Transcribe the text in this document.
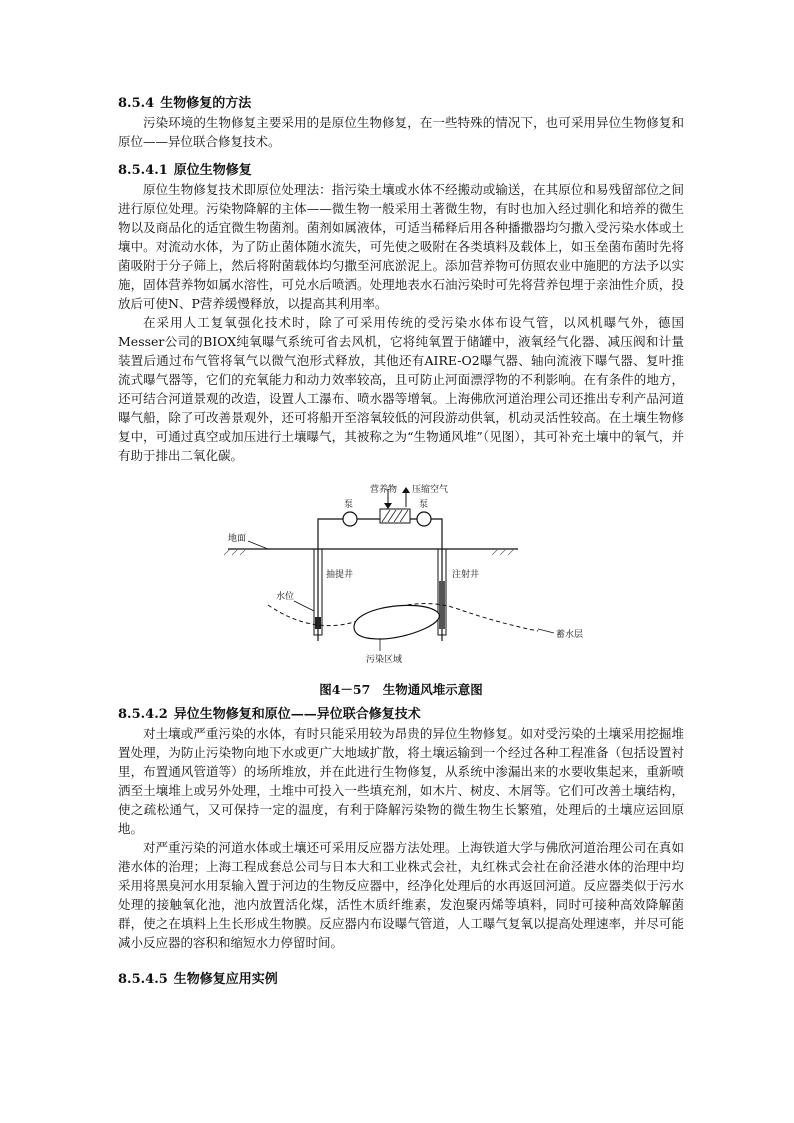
8.5.4 生物修复的方法

污染环境的生物修复主要采用的是原位生物修复，在一些特殊的情况下，也可采用异位生物修复和原位——异位联合修复技术。

8.5.4.1 原位生物修复

原位生物修复技术即原位处理法：指污染土壤或水体不经搬动或输送，在其原位和易残留部位之间进行原位处理。污染物降解的主体——微生物一般采用土著微生物，有时也加入经过驯化和培养的微生物以及商品化的适宜微生物菌剂。菌剂如属液体，可适当稀释后用各种播撒器均匀撒入受污染水体或土壤中。对流动水体，为了防止菌体随水流失，可先使之吸附在各类填料及载体上，如玉垒菌布菌时先将菌吸附于分子筛上，然后将附菌载体均匀撒至河底淤泥上。添加营养物可仿照农业中施肥的方法予以实施，固体营养物如属水溶性，可兑水后喷洒。处理地表水石油污染时可先将营养包埋于亲油性介质，投放后可使N、P营养缓慢释放，以提高其利用率。

在采用人工复氧强化技术时，除了可采用传统的受污染水体布设气管，以风机曝气外，德国Messer公司的BIOX纯氧曝气系统可省去风机，它将纯氧置于储罐中，液氧经气化器、减压阀和计量装置后通过布气管将氧气以微气泡形式释放，其他还有AIRE-O2曝气器、轴向流液下曝气器、复叶推流式曝气器等，它们的充氧能力和动力效率较高，且可防止河面漂浮物的不利影响。在有条件的地方，还可结合河道景观的改造，设置人工瀑布、喷水器等增氧。上海佛欣河道治理公司还推出专利产品河道曝气船，除了可改善景观外，还可将船开至溶氧较低的河段游动供氧，机动灵活性较高。在土壤生物修复中，可通过真空或加压进行土壤曝气，其被称之为“生物通风堆”（见图），其可补充土壤中的氧气，并有助于排出二氧化碳。

营养物 压缩空气
泵	泵
地面
抽提井	注射井
水位
蓄水层
污染区域
图4－57　生物通风堆示意图
8.5.4.2 异位生物修复和原位——异位联合修复技术

对土壤或严重污染的水体，有时只能采用较为昂贵的异位生物修复。如对受污染的土壤采用挖掘堆置处理，为防止污染物向地下水或更广大地域扩散，将土壤运输到一个经过各种工程准备（包括设置衬里，布置通风管道等）的场所堆放，并在此进行生物修复，从系统中渗漏出来的水要收集起来，重新喷洒至土壤堆上或另外处理，土堆中可投入一些填充剂，如木片、树皮、木屑等。它们可改善土壤结构，使之疏松通气，又可保持一定的温度，有利于降解污染物的微生物生长繁殖，处理后的土壤应运回原地。

对严重污染的河道水体或土壤还可采用反应器方法处理。上海铁道大学与佛欣河道治理公司在真如港水体的治理；上海工程成套总公司与日本大和工业株式会社，丸红株式会社在俞泾港水体的治理中均采用将黑臭河水用泵输入置于河边的生物反应器中，经净化处理后的水再返回河道。反应器类似于污水处理的接触氧化池，池内放置活化煤，活性木质纤维素，发泡聚丙烯等填料，同时可接种高效降解菌群，使之在填料上生长形成生物膜。反应器内布设曝气管道，人工曝气复氧以提高处理速率，并尽可能减小反应器的容积和缩短水力停留时间。

8.5.4.5 生物修复应用实例
